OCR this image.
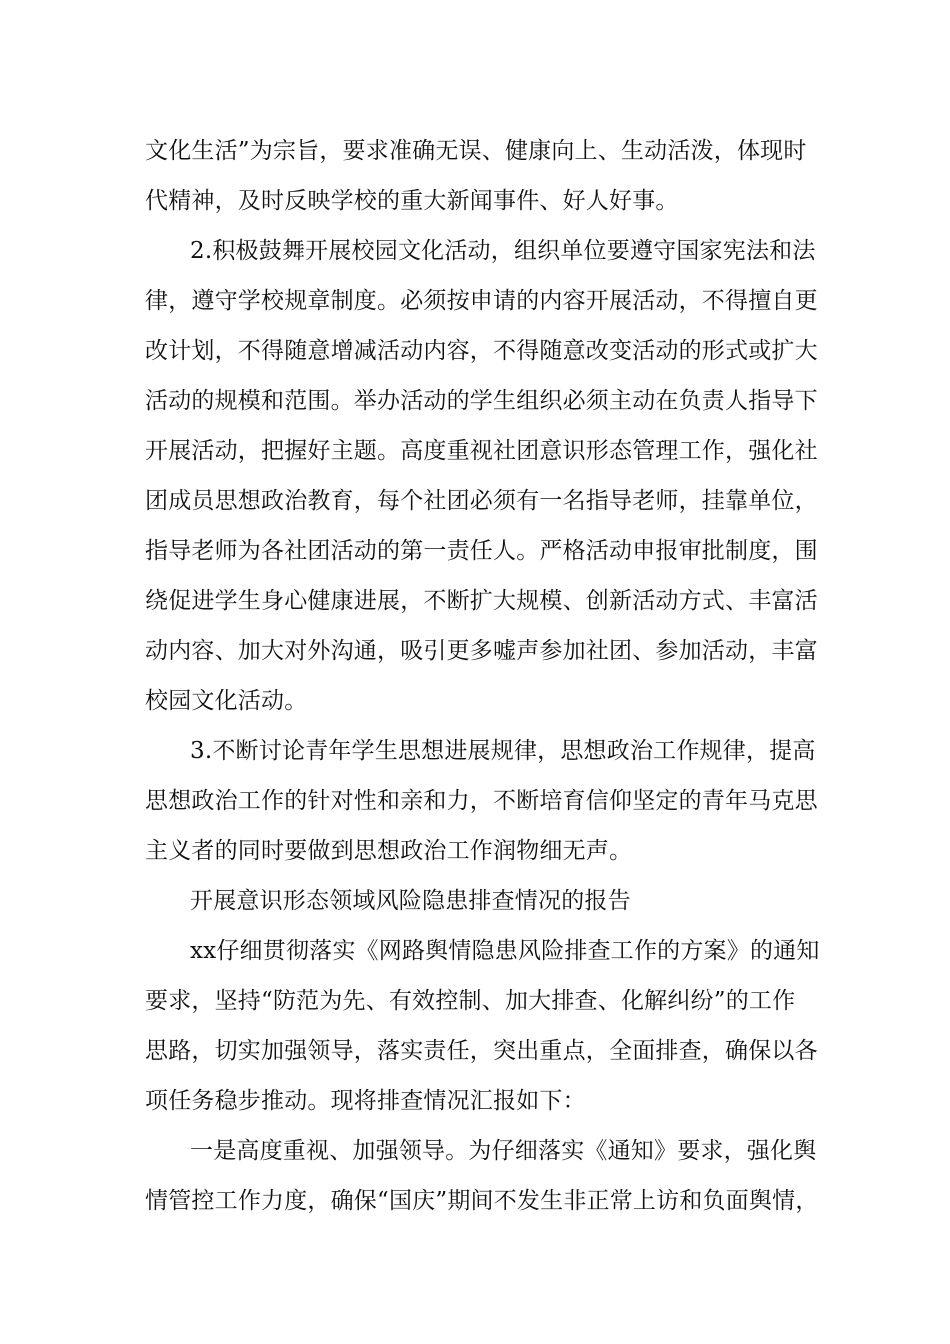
文化生活”为宗旨，要求准确无误、健康向上、生动活泼，体现时
代精神，及时反映学校的重大新闻事件、好人好事。
2.积极鼓舞开展校园文化活动，组织单位要遵守国家宪法和法
律，遵守学校规章制度。必须按申请的内容开展活动，不得擅自更
改计划，不得随意增减活动内容，不得随意改变活动的形式或扩大
活动的规模和范围。举办活动的学生组织必须主动在负责人指导下
开展活动，把握好主题。高度重视社团意识形态管理工作，强化社
团成员思想政治教育，每个社团必须有一名指导老师，挂靠单位，
指导老师为各社团活动的第一责任人。严格活动申报审批制度，围
绕促进学生身心健康进展，不断扩大规模、创新活动方式、丰富活
动内容、加大对外沟通，吸引更多嘘声参加社团、参加活动，丰富
校园文化活动。
3.不断讨论青年学生思想进展规律，思想政治工作规律，提高
思想政治工作的针对性和亲和力，不断培育信仰坚定的青年马克思
主义者的同时要做到思想政治工作润物细无声。
开展意识形态领域风险隐患排查情况的报告
xx仔细贯彻落实《网路舆情隐患风险排查工作的方案》的通知
要求，坚持“防范为先、有效控制、加大排查、化解纠纷”的工作
思路，切实加强领导，落实责任，突出重点，全面排查，确保以各
项任务稳步推动。现将排查情况汇报如下：
一是高度重视、加强领导。为仔细落实《通知》要求，强化舆
情管控工作力度，确保“国庆”期间不发生非正常上访和负面舆情，
